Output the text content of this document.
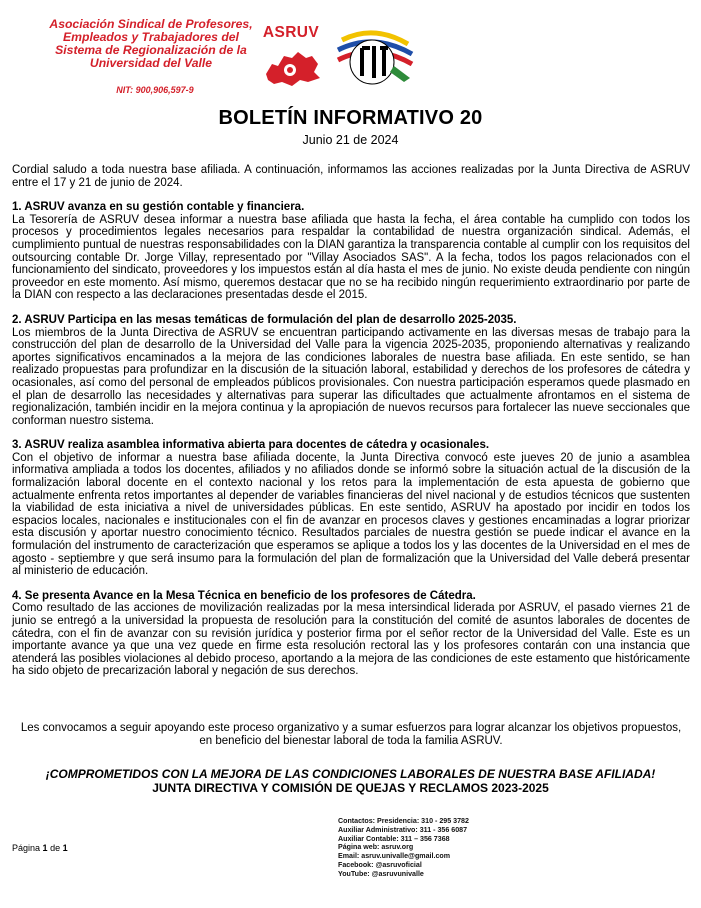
Asociación Sindical de Profesores,
Empleados y Trabajadores del
Sistema de Regionalización de la
Universidad del Valle
NIT: 900,906,597-9
ASRUV
BOLETÍN INFORMATIVO 20
Junio 21 de 2024

Cordial saludo a toda nuestra base afiliada. A continuación, informamos las acciones realizadas por la Junta Directiva de ASRUV entre el 17 y 21 de junio de 2024.

1. ASRUV avanza en su gestión contable y financiera.

La Tesorería de ASRUV desea informar a nuestra base afiliada que hasta la fecha, el área contable ha cumplido con todos los procesos y procedimientos legales necesarios para respaldar la contabilidad de nuestra organización sindical. Además, el cumplimiento puntual de nuestras responsabilidades con la DIAN garantiza la transparencia contable al cumplir con los requisitos del outsourcing contable Dr. Jorge Villay, representado por "Villay Asociados SAS". A la fecha, todos los pagos relacionados con el funcionamiento del sindicato, proveedores y los impuestos están al día hasta el mes de junio. No existe deuda pendiente con ningún proveedor en este momento. Así mismo, queremos destacar que no se ha recibido ningún requerimiento extraordinario por parte de la DIAN con respecto a las declaraciones presentadas desde el 2015.

2. ASRUV Participa en las mesas temáticas de formulación del plan de desarrollo 2025-2035.

Los miembros de la Junta Directiva de ASRUV se encuentran participando activamente en las diversas mesas de trabajo para la construcción del plan de desarrollo de la Universidad del Valle para la vigencia 2025-2035, proponiendo alternativas y realizando aportes significativos encaminados a la mejora de las condiciones laborales de nuestra base afiliada. En este sentido, se han realizado propuestas para profundizar en la discusión de la situación laboral, estabilidad y derechos de los profesores de cátedra y ocasionales, así como del personal de empleados públicos provisionales. Con nuestra participación esperamos quede plasmado en el plan de desarrollo las necesidades y alternativas para superar las dificultades que actualmente afrontamos en el sistema de regionalización, también incidir en la mejora continua y la apropiación de nuevos recursos para fortalecer las nueve seccionales que conforman nuestro sistema.

3. ASRUV realiza asamblea informativa abierta para docentes de cátedra y ocasionales.

Con el objetivo de informar a nuestra base afiliada docente, la Junta Directiva convocó este jueves 20 de junio a asamblea informativa ampliada a todos los docentes, afiliados y no afiliados donde se informó sobre la situación actual de la discusión de la formalización laboral docente en el contexto nacional y los retos para la implementación de esta apuesta de gobierno que actualmente enfrenta retos importantes al depender de variables financieras del nivel nacional y de estudios técnicos que sustenten la viabilidad de esta iniciativa a nivel de universidades públicas. En este sentido, ASRUV ha apostado por incidir en todos los espacios locales, nacionales e institucionales con el fin de avanzar en procesos claves y gestiones encaminadas a lograr priorizar esta discusión y aportar nuestro conocimiento técnico. Resultados parciales de nuestra gestión se puede indicar el avance en la formulación del instrumento de caracterización que esperamos se aplique a todos los y las docentes de la Universidad en el mes de agosto - septiembre y que será insumo para la formulación del plan de formalización que la Universidad del Valle deberá presentar al ministerio de educación.

4. Se presenta Avance en la Mesa Técnica en beneficio de los profesores de Cátedra.

Como resultado de las acciones de movilización realizadas por la mesa intersindical liderada por ASRUV, el pasado viernes 21 de junio se entregó a la universidad la propuesta de resolución para la constitución del comité de asuntos laborales de docentes de cátedra, con el fin de avanzar con su revisión jurídica y posterior firma por el señor rector de la Universidad del Valle. Este es un importante avance ya que una vez quede en firme esta resolución rectoral las y los profesores contarán con una instancia que atenderá las posibles violaciones al debido proceso, aportando a la mejora de las condiciones de este estamento que históricamente ha sido objeto de precarización laboral y negación de sus derechos.

Les convocamos a seguir apoyando este proceso organizativo y a sumar esfuerzos para lograr alcanzar los objetivos propuestos,
en beneficio del bienestar laboral de toda la familia ASRUV.
¡COMPROMETIDOS CON LA MEJORA DE LAS CONDICIONES LABORALES DE NUESTRA BASE AFILIADA!
JUNTA DIRECTIVA Y COMISIÓN DE QUEJAS Y RECLAMOS 2023-2025
Página 1 de 1
Contactos: Presidencia: 310 - 295 3782
Auxiliar Administrativo: 311 - 356 6087
Auxiliar Contable: 311 – 356 7368
Página web: asruv.org
Email: asruv.univalle@gmail.com
Facebook: @asruvoficial
YouTube: @asruvunivalle
